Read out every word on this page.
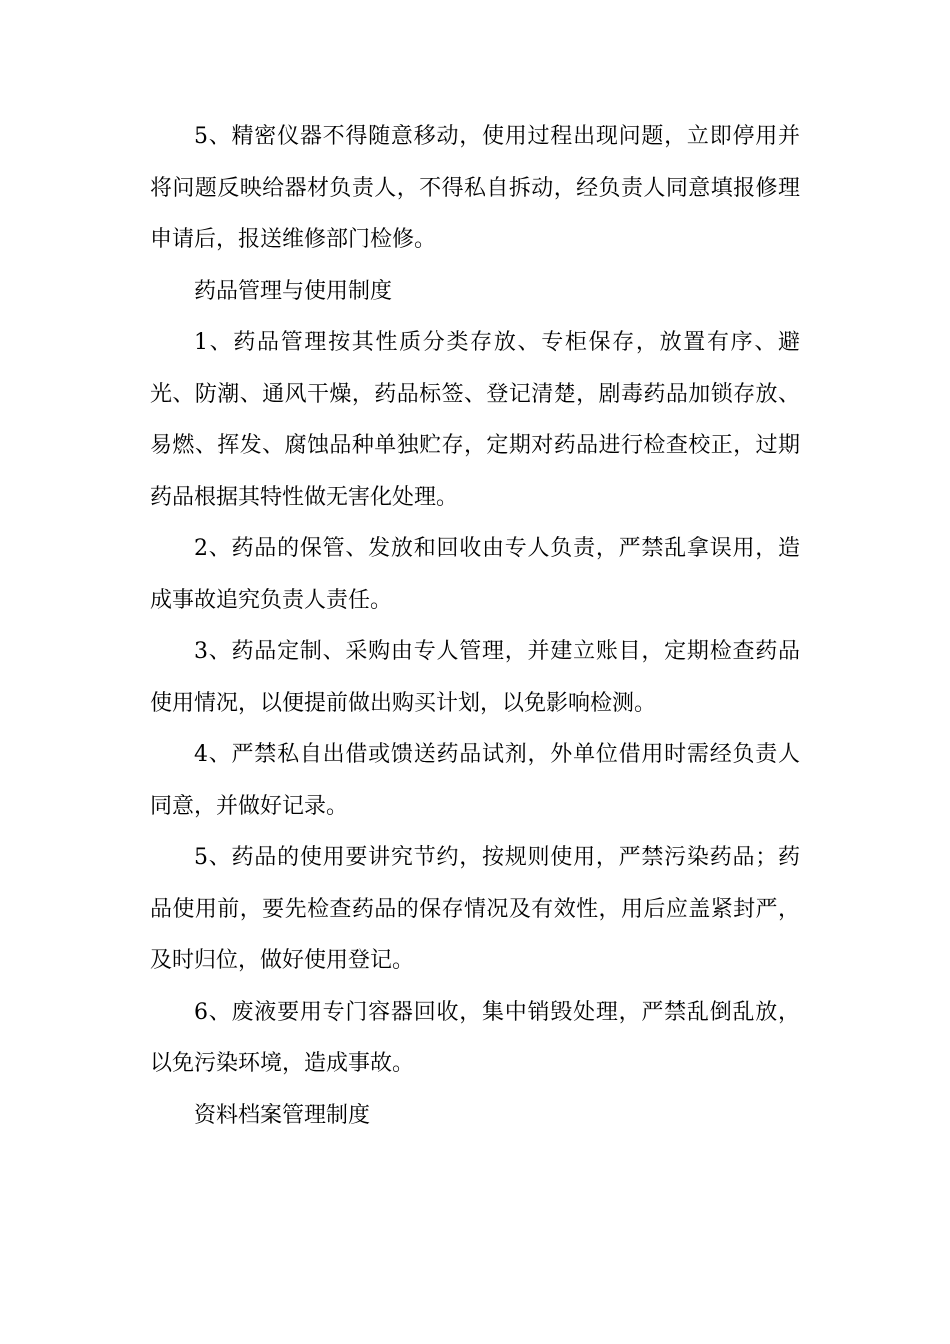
5、精密仪器不得随意移动，使用过程出现问题，立即停用并
将问题反映给器材负责人，不得私自拆动，经负责人同意填报修理
申请后，报送维修部门检修。
药品管理与使用制度
1、药品管理按其性质分类存放、专柜保存，放置有序、避
光、防潮、通风干燥，药品标签、登记清楚，剧毒药品加锁存放、
易燃、挥发、腐蚀品种单独贮存，定期对药品进行检查校正，过期
药品根据其特性做无害化处理。
2、药品的保管、发放和回收由专人负责，严禁乱拿误用，造
成事故追究负责人责任。
3、药品定制、采购由专人管理，并建立账目，定期检查药品
使用情况，以便提前做出购买计划，以免影响检测。
4、严禁私自出借或馈送药品试剂，外单位借用时需经负责人
同意，并做好记录。
5、药品的使用要讲究节约，按规则使用，严禁污染药品；药
品使用前，要先检查药品的保存情况及有效性，用后应盖紧封严，
及时归位，做好使用登记。
6、废液要用专门容器回收，集中销毁处理，严禁乱倒乱放，
以免污染环境，造成事故。
资料档案管理制度
